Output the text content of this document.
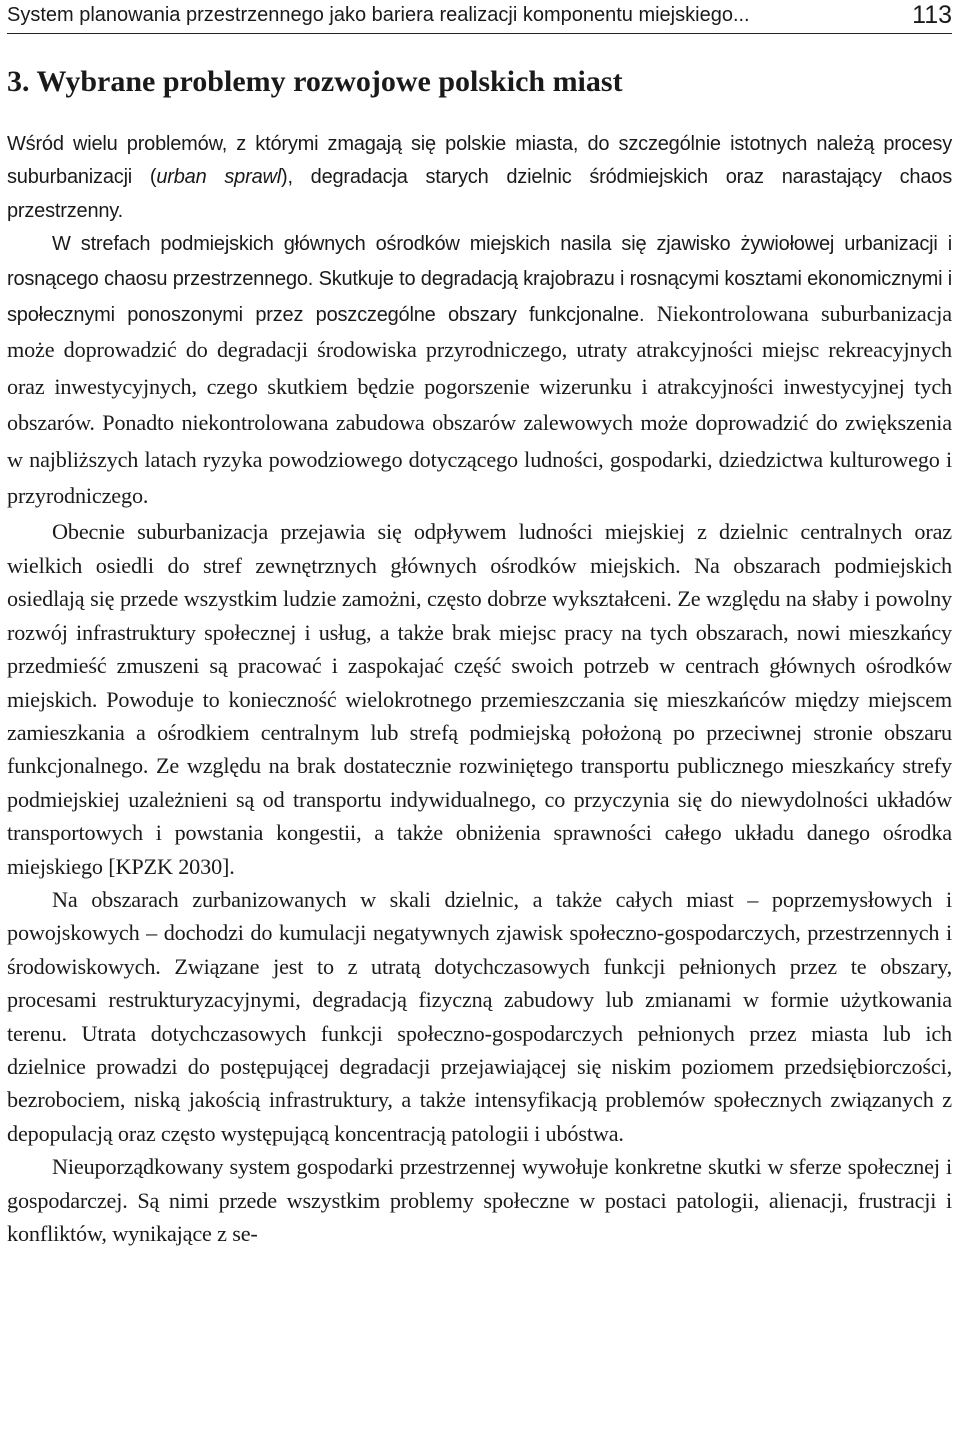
System planowania przestrzennego jako bariera realizacji komponentu miejskiego...	113
3. Wybrane problemy rozwojowe polskich miast

Wśród wielu problemów, z którymi zmagają się polskie miasta, do szczególnie istotnych należą procesy suburbanizacji (urban sprawl), degradacja starych dzielnic śródmiejskich oraz narastający chaos przestrzenny.

W strefach podmiejskich głównych ośrodków miejskich nasila się zjawisko żywiołowej urbanizacji i rosnącego chaosu przestrzennego. Skutkuje to degradacją krajobrazu i rosnącymi kosztami ekonomicznymi i społecznymi ponoszonymi przez poszczególne obszary funkcjonalne. Niekontrolowana suburbanizacja może doprowadzić do degradacji środowiska przyrodniczego, utraty atrakcyjności miejsc rekreacyjnych oraz inwestycyjnych, czego skutkiem będzie pogorszenie wizerunku i atrakcyjności inwestycyjnej tych obszarów. Ponadto niekontrolowana zabudowa obszarów zalewowych może doprowadzić do zwiększenia w najbliższych latach ryzyka powodziowego dotyczącego ludności, gospodarki, dziedzictwa kulturowego i przyrodniczego.

Obecnie suburbanizacja przejawia się odpływem ludności miejskiej z dzielnic centralnych oraz wielkich osiedli do stref zewnętrznych głównych ośrodków miejskich. Na obszarach podmiejskich osiedlają się przede wszystkim ludzie zamożni, często dobrze wykształceni. Ze względu na słaby i powolny rozwój infrastruktury społecznej i usług, a także brak miejsc pracy na tych obszarach, nowi mieszkańcy przedmieść zmuszeni są pracować i zaspokajać część swoich potrzeb w centrach głównych ośrodków miejskich. Powoduje to konieczność wielokrotnego przemieszczania się mieszkańców między miejscem zamieszkania a ośrodkiem centralnym lub strefą podmiejską położoną po przeciwnej stronie obszaru funkcjonalnego. Ze względu na brak dostatecznie rozwiniętego transportu publicznego mieszkańcy strefy podmiejskiej uzależnieni są od transportu indywidualnego, co przyczynia się do niewydolności układów transportowych i powstania kongestii, a także obniżenia sprawności całego układu danego ośrodka miejskiego [KPZK 2030].

Na obszarach zurbanizowanych w skali dzielnic, a także całych miast – poprzemysłowych i powojskowych – dochodzi do kumulacji negatywnych zjawisk społeczno-gospodarczych, przestrzennych i środowiskowych. Związane jest to z utratą dotychczasowych funkcji pełnionych przez te obszary, procesami restrukturyzacyjnymi, degradacją fizyczną zabudowy lub zmianami w formie użytkowania terenu. Utrata dotychczasowych funkcji społeczno-gospodarczych pełnionych przez miasta lub ich dzielnice prowadzi do postępującej degradacji przejawiającej się niskim poziomem przedsiębiorczości, bezrobociem, niską jakością infrastruktury, a także intensyfikacją problemów społecznych związanych z depopulacją oraz często występującą koncentracją patologii i ubóstwa.

Nieuporządkowany system gospodarki przestrzennej wywołuje konkretne skutki w sferze społecznej i gospodarczej. Są nimi przede wszystkim problemy społeczne w postaci patologii, alienacji, frustracji i konfliktów, wynikające z se-
